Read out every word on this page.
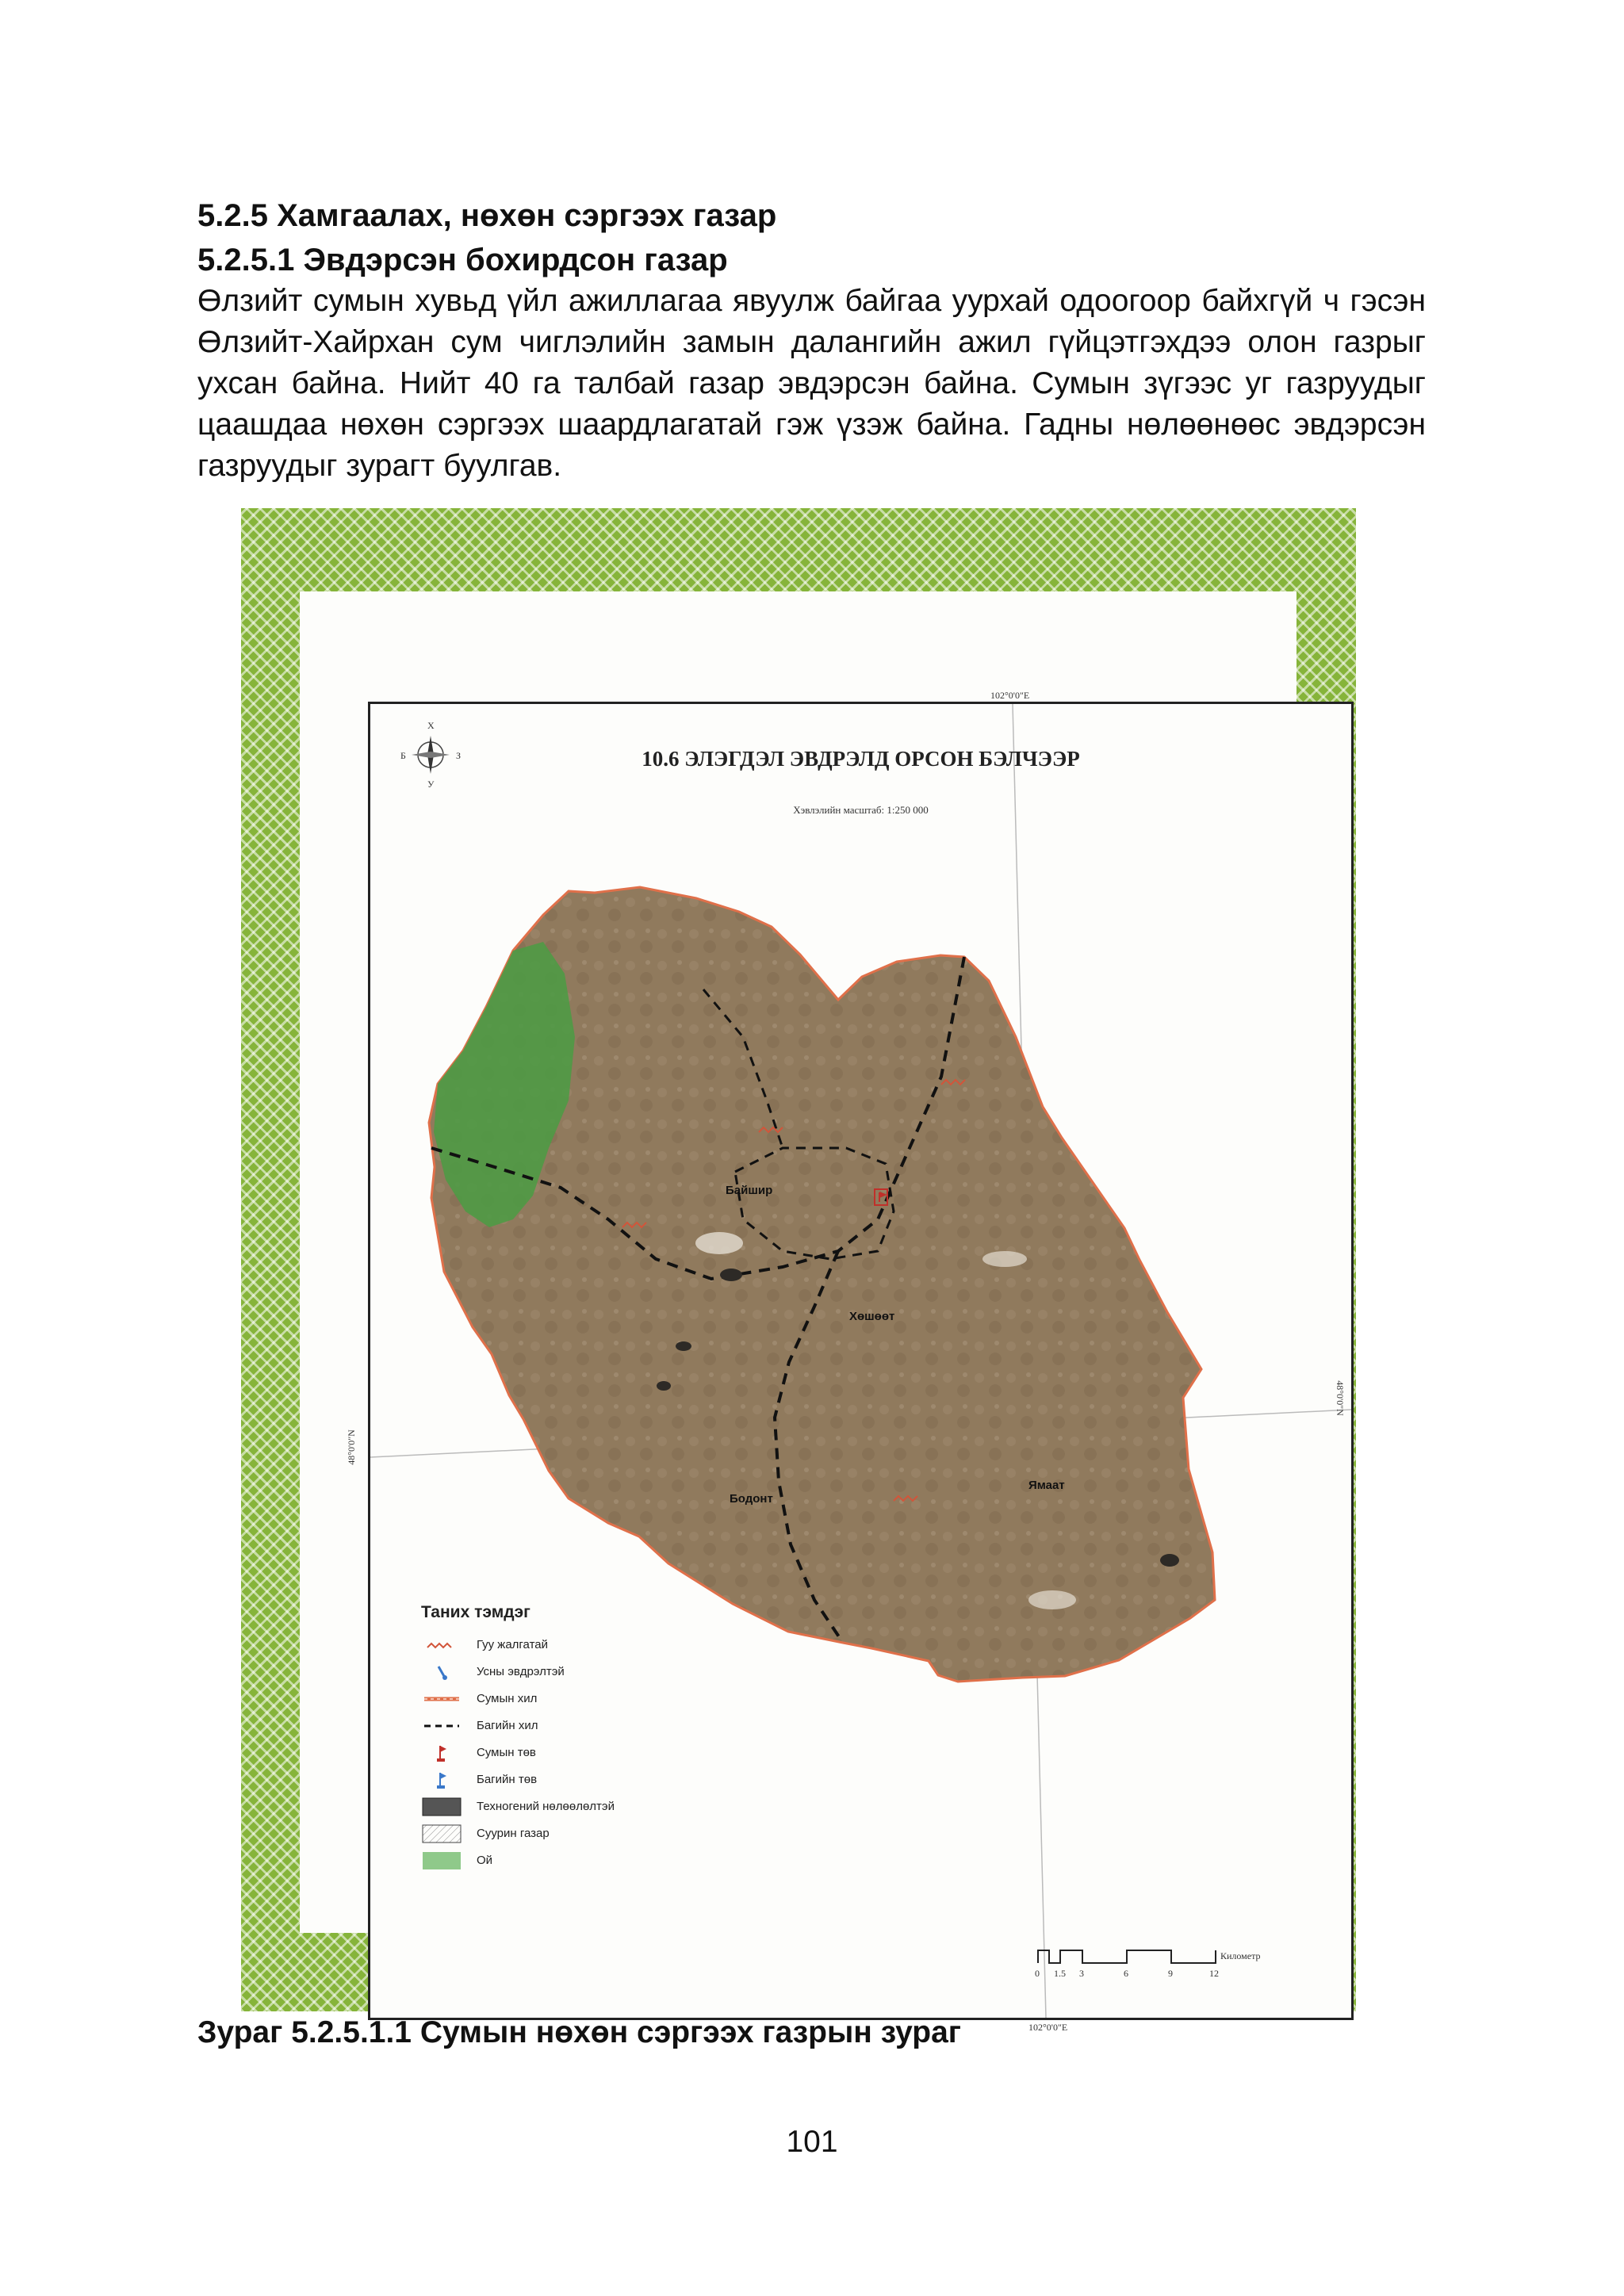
5.2.5 Хамгаалах, нөхөн сэргээх газар
5.2.5.1 Эвдэрсэн бохирдсон газар
Өлзийт сумын хувьд үйл ажиллагаа явуулж байгаа уурхай одоогоор байхгүй ч гэсэн Өлзийт-Хайрхан сум чиглэлийн замын далангийн ажил гүйцэтгэхдээ олон газрыг ухсан байна. Нийт 40 га талбай газар эвдэрсэн байна. Сумын зүгээс уг газруудыг цаашдаа нөхөн сэргээх шаардлагатай гэж үзэж байна. Гадны нөлөөнөөс эвдэрсэн газруудыг зурагт буулгав.
102°0'0"E
102°0'0"E
48°0'0"N
48°0'0"N
Х
У
Б	З	10.6 ЭЛЭГДЭЛ ЭВДРЭЛД ОРСОН БЭЛЧЭЭР
Хэвлэлийн масштаб: 1:250 000
Байшир
Хөшөөт
Бодонт
Ямаат
Таних тэмдэг
Гуу жалгатай
Усны эвдрэлтэй
Сумын хил
Багийн хил
Сумын төв
Багийн төв
Техногений нөлөөлөлтэй
Суурин газар
Ой
Километр
0 1.5 3	6	9	12
Зураг 5.2.5.1.1 Сумын нөхөн сэргээх газрын зураг
101
